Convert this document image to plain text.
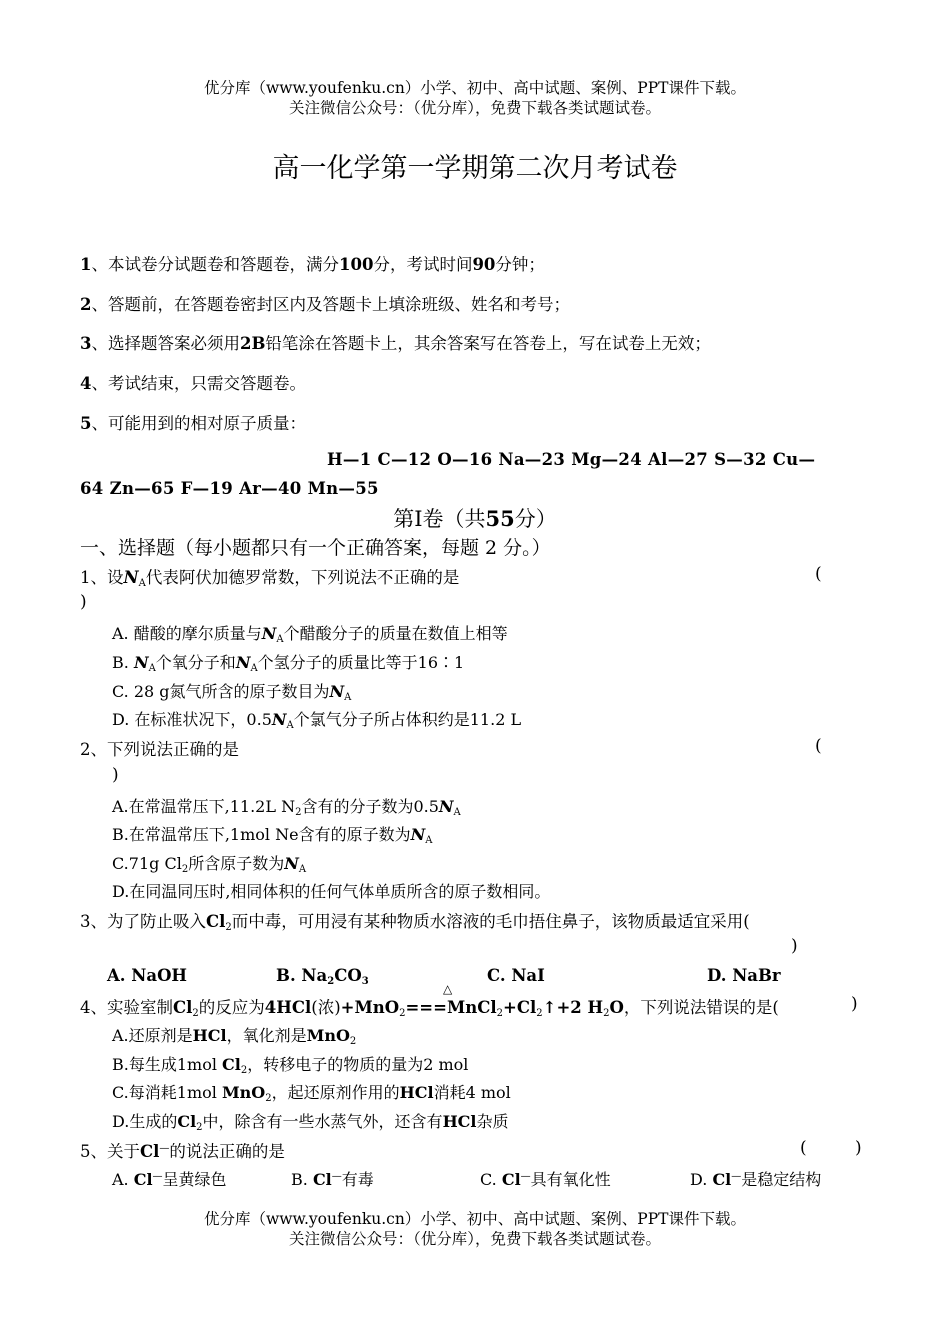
优分库（www.youfenku.cn）小学、初中、高中试题、案例、PPT课件下载。
关注微信公众号：（优分库），免费下载各类试题试卷。
高一化学第一学期第二次月考试卷
1、本试卷分试题卷和答题卷，满分100分，考试时间90分钟；
2、答题前，在答题卷密封区内及答题卡上填涂班级、姓名和考号；
3、选择题答案必须用2B铅笔涂在答题卡上，其余答案写在答卷上，写在试卷上无效；
4、考试结束，只需交答题卷。
5、可能用到的相对原子质量：
H—1 C—12 O—16 Na—23 Mg—24 Al—27 S—32 Cu—
64 Zn—65 F—19 Ar—40 Mn—55
第Ⅰ卷（共55分）
一、选择题（每小题都只有一个正确答案，每题 2 分。）
1、设$N_A$代表阿伏加德罗常数，下列说法不正确的是	(
)
A. 醋酸的摩尔质量与$N_A$个醋酸分子的质量在数值上相等
B. $N_A$个氧分子和$N_A$个氢分子的质量比等于16∶1
C. 28 g氮气所含的原子数目为$N_A$
D. 在标准状况下，$0.5N_A$个氯气分子所占体积约是11.2 L
2、下列说法正确的是	(
)
A.在常温常压下,11.2L $N_2$含有的分子数为$0.5N_A$
B.在常温常压下,1mol Ne含有的原子数为$N_A$
C.71g $Cl_2$所含原子数为$N_A$
D.在同温同压时,相同体积的任何气体单质所含的原子数相同。
3、为了防止吸入$Cl_2$而中毒，可用浸有某种物质水溶液的毛巾捂住鼻子，该物质最适宜采用(
)
A. NaOH	B. $Na_2CO_3$	C. NaI	D. NaBr
△
4、实验室制$Cl_2$的反应为4HCl(浓)$+MnO_2===MnCl_2+Cl_2↑+2$ $H_2O$，下列说法错误的是(	)
A.还原剂是HCl，氧化剂是MnO$_2$
B.每生成1mol $Cl_2$，转移电子的物质的量为2 mol
C.每消耗1mol MnO$_2$，起还原剂作用的HCl消耗4 mol
D.生成的$Cl_2$中，除含有一些水蒸气外，还含有HCl杂质
5、关于Cl—的说法正确的是	(	)
A. Cl—呈黄绿色	B. Cl—有毒	C. Cl—具有氧化性	D. Cl—是稳定结构
优分库（www.youfenku.cn）小学、初中、高中试题、案例、PPT课件下载。
关注微信公众号：（优分库），免费下载各类试题试卷。
